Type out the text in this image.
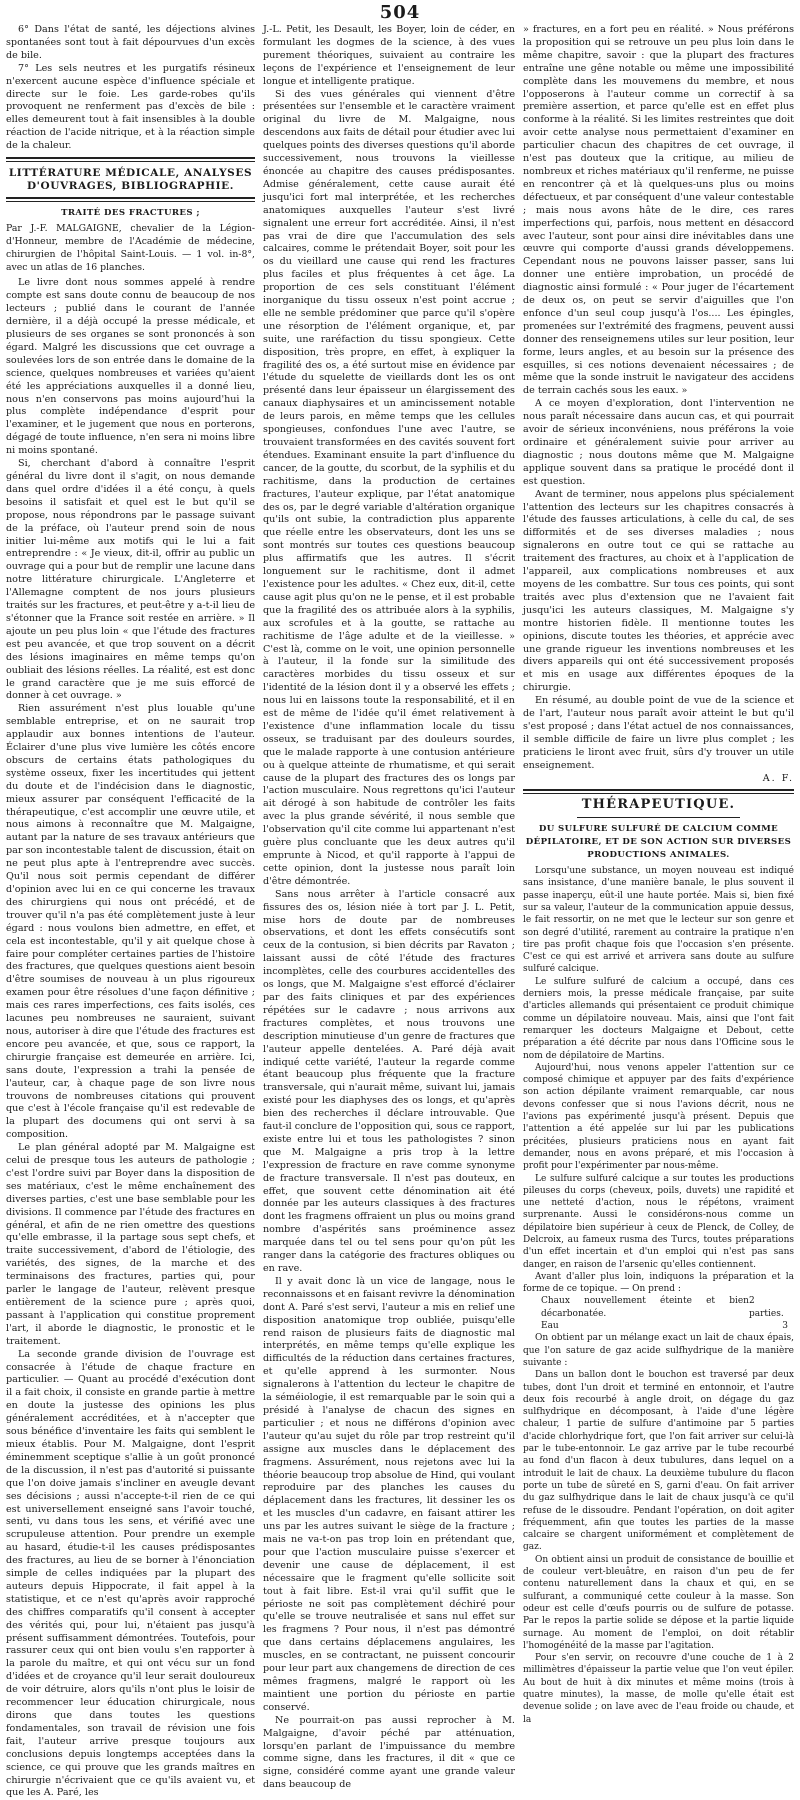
504

6° Dans l'état de santé, les déjections alvines spontanées sont tout à fait dépourvues d'un excès de bile.

7° Les sels neutres et les purgatifs résineux n'exercent aucune espèce d'influence spéciale et directe sur le foie. Les garde-robes qu'ils provoquent ne renferment pas d'excès de bile : elles demeurent tout à fait insensibles à la double réaction de l'acide nitrique, et à la réaction simple de la chaleur.

LITTÉRATURE MÉDICALE, ANALYSES D'OUVRAGES, BIBLIOGRAPHIE.
TRAITÉ DES FRACTURES ;

Par J.-F. MALGAIGNE, chevalier de la Légion-d'Honneur, membre de l'Académie de médecine, chirurgien de l'hôpital Saint-Louis. — 1 vol. in-8°, avec un atlas de 16 planches.

Le livre dont nous sommes appelé à rendre compte est sans doute connu de beaucoup de nos lecteurs ; publié dans le courant de l'année dernière, il a déjà occupé la presse médicale, et plusieurs de ses organes se sont prononcés à son égard. Malgré les discussions que cet ouvrage a soulevées lors de son entrée dans le domaine de la science, quelques nombreuses et variées qu'aient été les appréciations auxquelles il a donné lieu, nous n'en conservons pas moins aujourd'hui la plus complète indépendance d'esprit pour l'examiner, et le jugement que nous en porterons, dégagé de toute influence, n'en sera ni moins libre ni moins spontané.

Si, cherchant d'abord à connaître l'esprit général du livre dont il s'agit, on nous demande dans quel ordre d'idées il a été conçu, à quels besoins il satisfait et quel est le but qu'il se propose, nous répondrons par le passage suivant de la préface, où l'auteur prend soin de nous initier lui-même aux motifs qui le lui a fait entreprendre : « Je vieux, dit-il, offrir au public un ouvrage qui a pour but de remplir une lacune dans notre littérature chirurgicale. L'Angleterre et l'Allemagne comptent de nos jours plusieurs traités sur les fractures, et peut-être y a-t-il lieu de s'étonner que la France soit restée en arrière. » Il ajoute un peu plus loin « que l'étude des fractures est peu avancée, et que trop souvent on a décrit des lésions imaginaires en même temps qu'on oubliait des lésions réelles. La réalité, est est donc le grand caractère que je me suis efforcé de donner à cet ouvrage. »

Rien assurément n'est plus louable qu'une semblable entreprise, et on ne saurait trop applaudir aux bonnes intentions de l'auteur. Éclairer d'une plus vive lumière les côtés encore obscurs de certains états pathologiques du système osseux, fixer les incertitudes qui jettent du doute et de l'indécision dans le diagnostic, mieux assurer par conséquent l'efficacité de la thérapeutique, c'est accomplir une œuvre utile, et nous aimons à reconnaître que M. Malgaigne, autant par la nature de ses travaux antérieurs que par son incontestable talent de discussion, était on ne peut plus apte à l'entreprendre avec succès. Qu'il nous soit permis cependant de différer d'opinion avec lui en ce qui concerne les travaux des chirurgiens qui nous ont précédé, et de trouver qu'il n'a pas été complètement juste à leur égard : nous voulons bien admettre, en effet, et cela est incontestable, qu'il y ait quelque chose à faire pour compléter certaines parties de l'histoire des fractures, que quelques questions aient besoin d'être soumises de nouveau à un plus rigoureux examen pour être résolues d'une façon définitive ; mais ces rares imperfections, ces faits isolés, ces lacunes peu nombreuses ne sauraient, suivant nous, autoriser à dire que l'étude des fractures est encore peu avancée, et que, sous ce rapport, la chirurgie française est demeurée en arrière. Ici, sans doute, l'expression a trahi la pensée de l'auteur, car, à chaque page de son livre nous trouvons de nombreuses citations qui prouvent que c'est à l'école française qu'il est redevable de la plupart des documens qui ont servi à sa composition.

Le plan général adopté par M. Malgaigne est celui de presque tous les auteurs de pathologie ; c'est l'ordre suivi par Boyer dans la disposition de ses matériaux, c'est le même enchaînement des diverses parties, c'est une base semblable pour les divisions. Il commence par l'étude des fractures en général, et afin de ne rien omettre des questions qu'elle embrasse, il la partage sous sept chefs, et traite successivement, d'abord de l'étiologie, des variétés, des signes, de la marche et des terminaisons des fractures, parties qui, pour parler le langage de l'auteur, relèvent presque entièrement de la science pure ; après quoi, passant à l'application qui constitue proprement l'art, il aborde le diagnostic, le pronostic et le traitement.

La seconde grande division de l'ouvrage est consacrée à l'étude de chaque fracture en particulier. — Quant au procédé d'exécution dont il a fait choix, il consiste en grande partie à mettre en doute la justesse des opinions les plus généralement accréditées, et à n'accepter que sous bénéfice d'inventaire les faits qui semblent le mieux établis. Pour M. Malgaigne, dont l'esprit éminemment sceptique s'allie à un goût prononcé de la discussion, il n'est pas d'autorité si puissante que l'on doive jamais s'incliner en aveugle devant ses décisions ; aussi n'accepte-t-il rien de ce qui est universellement enseigné sans l'avoir touché, senti, vu dans tous les sens, et vérifié avec une scrupuleuse attention. Pour prendre un exemple au hasard, étudie-t-il les causes prédisposantes des fractures, au lieu de se borner à l'énonciation simple de celles indiquées par la plupart des auteurs depuis Hippocrate, il fait appel à la statistique, et ce n'est qu'après avoir rapproché des chiffres comparatifs qu'il consent à accepter des vérités qui, pour lui, n'étaient pas jusqu'à présent suffisamment démontrées. Toutefois, pour rassurer ceux qui ont bien voulu s'en rapporter à la parole du maître, et qui ont vécu sur un fond d'idées et de croyance qu'il leur serait douloureux de voir détruire, alors qu'ils n'ont plus le loisir de recommencer leur éducation chirurgicale, nous dirons que dans toutes les questions fondamentales, son travail de révision une fois fait, l'auteur arrive presque toujours aux conclusions depuis longtemps acceptées dans la science, ce qui prouve que les grands maîtres en chirurgie n'écrivaient que ce qu'ils avaient vu, et que les A. Paré, les

J.-L. Petit, les Desault, les Boyer, loin de céder, en formulant les dogmes de la science, à des vues purement théoriques, suivaient au contraire les leçons de l'expérience et l'enseignement de leur longue et intelligente pratique.

Si des vues générales qui viennent d'être présentées sur l'ensemble et le caractère vraiment original du livre de M. Malgaigne, nous descendons aux faits de détail pour étudier avec lui quelques points des diverses questions qu'il aborde successivement, nous trouvons la vieillesse énoncée au chapitre des causes prédisposantes. Admise généralement, cette cause aurait été jusqu'ici fort mal interprétée, et les recherches anatomiques auxquelles l'auteur s'est livré signalent une erreur fort accréditée. Ainsi, il n'est pas vrai de dire que l'accumulation des sels calcaires, comme le prétendait Boyer, soit pour les os du vieillard une cause qui rend les fractures plus faciles et plus fréquentes à cet âge. La proportion de ces sels constituant l'élément inorganique du tissu osseux n'est point accrue ; elle ne semble prédominer que parce qu'il s'opère une résorption de l'élément organique, et, par suite, une raréfaction du tissu spongieux. Cette disposition, très propre, en effet, à expliquer la fragilité des os, a été surtout mise en évidence par l'étude du squelette de vieillards dont les os ont présenté dans leur épaisseur un élargissement des canaux diaphysaires et un amincissement notable de leurs parois, en même temps que les cellules spongieuses, confondues l'une avec l'autre, se trouvaient transformées en des cavités souvent fort étendues. Examinant ensuite la part d'influence du cancer, de la goutte, du scorbut, de la syphilis et du rachitisme, dans la production de certaines fractures, l'auteur explique, par l'état anatomique des os, par le degré variable d'altération organique qu'ils ont subie, la contradiction plus apparente que réelle entre les observateurs, dont les uns se sont montrés sur toutes ces questions beaucoup plus affirmatifs que les autres. Il s'écrit longuement sur le rachitisme, dont il admet l'existence pour les adultes. « Chez eux, dit-il, cette cause agit plus qu'on ne le pense, et il est probable que la fragilité des os attribuée alors à la syphilis, aux scrofules et à la goutte, se rattache au rachitisme de l'âge adulte et de la vieillesse. » C'est là, comme on le voit, une opinion personnelle à l'auteur, il la fonde sur la similitude des caractères morbides du tissu osseux et sur l'identité de la lésion dont il y a observé les effets ; nous lui en laissons toute la responsabilité, et il en est de même de l'idée qu'il émet relativement à l'existence d'une inflammation locale du tissu osseux, se traduisant par des douleurs sourdes, que le malade rapporte à une contusion antérieure ou à quelque atteinte de rhumatisme, et qui serait cause de la plupart des fractures des os longs par l'action musculaire. Nous regrettons qu'ici l'auteur ait dérogé à son habitude de contrôler les faits avec la plus grande sévérité, il nous semble que l'observation qu'il cite comme lui appartenant n'est guère plus concluante que les deux autres qu'il emprunte à Nicod, et qu'il rapporte à l'appui de cette opinion, dont la justesse nous paraît loin d'être démontrée.

Sans nous arrêter à l'article consacré aux fissures des os, lésion niée à tort par J. L. Petit, mise hors de doute par de nombreuses observations, et dont les effets consécutifs sont ceux de la contusion, si bien décrits par Ravaton ; laissant aussi de côté l'étude des fractures incomplètes, celle des courbures accidentelles des os longs, que M. Malgaigne s'est efforcé d'éclairer par des faits cliniques et par des expériences répétées sur le cadavre ; nous arrivons aux fractures complètes, et nous trouvons une description minutieuse d'un genre de fractures que l'auteur appelle dentelées. A. Paré déjà avait indiqué cette variété, l'auteur la regarde comme étant beaucoup plus fréquente que la fracture transversale, qui n'aurait même, suivant lui, jamais existé pour les diaphyses des os longs, et qu'après bien des recherches il déclare introuvable. Que faut-il conclure de l'opposition qui, sous ce rapport, existe entre lui et tous les pathologistes ? sinon que M. Malgaigne a pris trop à la lettre l'expression de fracture en rave comme synonyme de fracture transversale. Il n'est pas douteux, en effet, que souvent cette dénomination ait été donnée par les auteurs classiques à des fractures dont les fragmens offraient un plus ou moins grand nombre d'aspérités sans proéminence assez marquée dans tel ou tel sens pour qu'on pût les ranger dans la catégorie des fractures obliques ou en rave.

Il y avait donc là un vice de langage, nous le reconnaissons et en faisant revivre la dénomination dont A. Paré s'est servi, l'auteur a mis en relief une disposition anatomique trop oubliée, puisqu'elle rend raison de plusieurs faits de diagnostic mal interprétés, en même temps qu'elle explique les difficultés de la réduction dans certaines fractures, et qu'elle apprend à les surmonter. Nous signalerons à l'attention du lecteur le chapitre de la séméiologie, il est remarquable par le soin qui a présidé à l'analyse de chacun des signes en particulier ; et nous ne différons d'opinion avec l'auteur qu'au sujet du rôle par trop restreint qu'il assigne aux muscles dans le déplacement des fragmens. Assurément, nous rejetons avec lui la théorie beaucoup trop absolue de Hind, qui voulant reproduire par des planches les causes du déplacement dans les fractures, lit dessiner les os et les muscles d'un cadavre, en faisant attirer les uns par les autres suivant le siège de la fracture ; mais ne va-t-on pas trop loin en prétendant que, pour que l'action musculaire puisse s'exercer et devenir une cause de déplacement, il est nécessaire que le fragment qu'elle sollicite soit tout à fait libre. Est-il vrai qu'il suffit que le périoste ne soit pas complètement déchiré pour qu'elle se trouve neutralisée et sans nul effet sur les fragmens ? Pour nous, il n'est pas démontré que dans certains déplacemens angulaires, les muscles, en se contractant, ne puissent concourir pour leur part aux changemens de direction de ces mêmes fragmens, malgré le rapport où les maintient une portion du périoste en partie conservé.

Ne pourrait-on pas aussi reprocher à M. Malgaigne, d'avoir péché par atténuation, lorsqu'en parlant de l'impuissance du membre comme signe, dans les fractures, il dit « que ce signe, considéré comme ayant une grande valeur dans beaucoup de

» fractures, en a fort peu en réalité. » Nous préférons la proposition qui se retrouve un peu plus loin dans le même chapitre, savoir : que la plupart des fractures entraîne une gêne notable ou même une impossibilité complète dans les mouvemens du membre, et nous l'opposerons à l'auteur comme un correctif à sa première assertion, et parce qu'elle est en effet plus conforme à la réalité. Si les limites restreintes que doit avoir cette analyse nous permettaient d'examiner en particulier chacun des chapitres de cet ouvrage, il n'est pas douteux que la critique, au milieu de nombreux et riches matériaux qu'il renferme, ne puisse en rencontrer çà et là quelques-uns plus ou moins défectueux, et par conséquent d'une valeur contestable ; mais nous avons hâte de le dire, ces rares imperfections qui, parfois, nous mettent en désaccord avec l'auteur, sont pour ainsi dire inévitables dans une œuvre qui comporte d'aussi grands développemens. Cependant nous ne pouvons laisser passer, sans lui donner une entière improbation, un procédé de diagnostic ainsi formulé : « Pour juger de l'écartement de deux os, on peut se servir d'aiguilles que l'on enfonce d'un seul coup jusqu'à l'os.... Les épingles, promenées sur l'extrémité des fragmens, peuvent aussi donner des renseignemens utiles sur leur position, leur forme, leurs angles, et au besoin sur la présence des esquilles, si ces notions devenaient nécessaires ; de même que la sonde instruit le navigateur des accidens de terrain cachés sous les eaux. »

A ce moyen d'exploration, dont l'intervention ne nous paraît nécessaire dans aucun cas, et qui pourrait avoir de sérieux inconvéniens, nous préférons la voie ordinaire et généralement suivie pour arriver au diagnostic ; nous doutons même que M. Malgaigne applique souvent dans sa pratique le procédé dont il est question.

Avant de terminer, nous appelons plus spécialement l'attention des lecteurs sur les chapitres consacrés à l'étude des fausses articulations, à celle du cal, de ses difformités et de ses diverses maladies ; nous signalerons en outre tout ce qui se rattache au traitement des fractures, au choix et à l'application de l'appareil, aux complications nombreuses et aux moyens de les combattre. Sur tous ces points, qui sont traités avec plus d'extension que ne l'avaient fait jusqu'ici les auteurs classiques, M. Malgaigne s'y montre historien fidèle. Il mentionne toutes les opinions, discute toutes les théories, et apprécie avec une grande rigueur les inventions nombreuses et les divers appareils qui ont été successivement proposés et mis en usage aux différentes époques de la chirurgie.

En résumé, au double point de vue de la science et de l'art, l'auteur nous paraît avoir atteint le but qu'il s'est proposé ; dans l'état actuel de nos connaissances, il semble difficile de faire un livre plus complet ; les praticiens le liront avec fruit, sûrs d'y trouver un utile enseignement.

A. F.

THÉRAPEUTIQUE.
DU SULFURE SULFURÉ DE CALCIUM COMME DÉPILATOIRE, ET DE SON ACTION SUR DIVERSES PRODUCTIONS ANIMALES.

Lorsqu'une substance, un moyen nouveau est indiqué sans insistance, d'une manière banale, le plus souvent il passe inaperçu, eût-il une haute portée. Mais si, bien fixé sur sa valeur, l'auteur de la communication appuie dessus, le fait ressortir, on ne met que le lecteur sur son genre et son degré d'utilité, rarement au contraire la pratique n'en tire pas profit chaque fois que l'occasion s'en présente. C'est ce qui est arrivé et arrivera sans doute au sulfure sulfuré calcique.

Le sulfure sulfuré de calcium a occupé, dans ces derniers mois, la presse médicale française, par suite d'articles allemands qui présentaient ce produit chimique comme un dépilatoire nouveau. Mais, ainsi que l'ont fait remarquer les docteurs Malgaigne et Debout, cette préparation a été décrite par nous dans l'Officine sous le nom de dépilatoire de Martins.

Aujourd'hui, nous venons appeler l'attention sur ce composé chimique et appuyer par des faits d'expérience son action dépilante vraiment remarquable, car nous devons confesser que si nous l'avions décrit, nous ne l'avions pas expérimenté jusqu'à présent. Depuis que l'attention a été appelée sur lui par les publications précitées, plusieurs praticiens nous en ayant fait demander, nous en avons préparé, et mis l'occasion à profit pour l'expérimenter par nous-même.

Le sulfure sulfuré calcique a sur toutes les productions pileuses du corps (cheveux, poils, duvets) une rapidité et une netteté d'action, nous le répétons, vraiment surprenante. Aussi le considérons-nous comme un dépilatoire bien supérieur à ceux de Plenck, de Colley, de Delcroix, au fameux rusma des Turcs, toutes préparations d'un effet incertain et d'un emploi qui n'est pas sans danger, en raison de l'arsenic qu'elles contiennent.

Avant d'aller plus loin, indiquons la préparation et la forme de ce topique. — On prend :

Chaux nouvellement éteinte et bien décarbonatée.
2 parties.
Eau	3

On obtient par un mélange exact un lait de chaux épais, que l'on sature de gaz acide sulfhydrique de la manière suivante :

Dans un ballon dont le bouchon est traversé par deux tubes, dont l'un droit et terminé en entonnoir, et l'autre deux fois recourbé à angle droit, on dégage du gaz sulfhydrique en décomposant, à l'aide d'une légère chaleur, 1 partie de sulfure d'antimoine par 5 parties d'acide chlorhydrique fort, que l'on fait arriver sur celui-là par le tube-entonnoir. Le gaz arrive par le tube recourbé au fond d'un flacon à deux tubulures, dans lequel on a introduit le lait de chaux. La deuxième tubulure du flacon porte un tube de sûreté en S, garni d'eau. On fait arriver du gaz sulfhydrique dans le lait de chaux jusqu'à ce qu'il refuse de le dissoudre. Pendant l'opération, on doit agiter fréquemment, afin que toutes les parties de la masse calcaire se chargent uniformément et complètement de gaz.

On obtient ainsi un produit de consistance de bouillie et de couleur vert-bleuâtre, en raison d'un peu de fer contenu naturellement dans la chaux et qui, en se sulfurant, a communiqué cette couleur à la masse. Son odeur est celle d'œufs pourris ou de sulfure de potasse. Par le repos la partie solide se dépose et la partie liquide surnage. Au moment de l'emploi, on doit rétablir l'homogénéité de la masse par l'agitation.

Pour s'en servir, on recouvre d'une couche de 1 à 2 millimètres d'épaisseur la partie velue que l'on veut épiler. Au bout de huit à dix minutes et même moins (trois à quatre minutes), la masse, de molle qu'elle était est devenue solide ; on lave avec de l'eau froide ou chaude, et la
